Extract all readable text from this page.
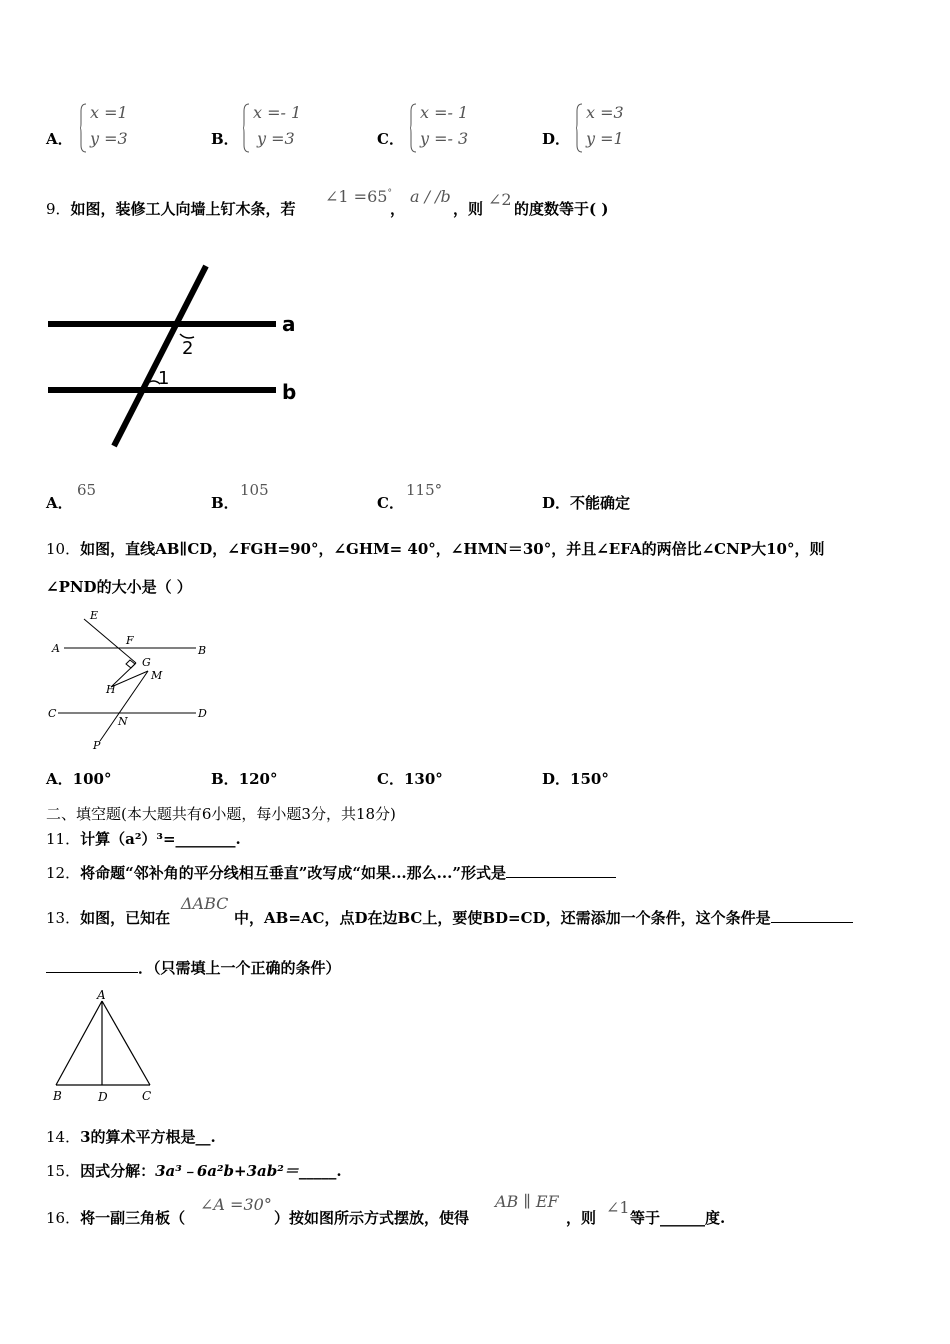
A．
x =1
y =3	B．
x =- 1
y =3	C．
x =- 1
y =- 3	D．
x =3
y =1
9．如图，装修工人向墙上钉木条，若
∠1 =65°
，
a / /b
，则 ∠2 的度数等于( )
a
b
2
1
A．
65
B．
105
C．
115°
D．不能确定
10．如图，直线AB∥CD，∠FGH=90°，∠GHM= 40°，∠HMN＝30°，并且∠EFA的两倍比∠CNP大10°，则
∠PND的大小是（ ）
E
A
F
B
G
M
H
C
N
D
P
A．100°	B．120°	C．130°	D．150°
二、填空题(本大题共有6小题，每小题3分，共18分)
11．计算（a²）³=________.
12．将命题“邻补角的平分线相互垂直”改写成“如果...那么...”形式是
13．如图，已知在
ΔABC
中，AB=AC，点D在边BC上，要使BD=CD，还需添加一个条件，这个条件是
．（只需填上一个正确的条件）
A
B	D	C
14．3的算术平方根是__.
15．因式分解：3a³﹣6a²b+3ab²＝_____.
16．将一副三角板（
∠A =30°
）按如图所示方式摆放，使得
AB ∥ EF
，则
∠1
等于______度.
